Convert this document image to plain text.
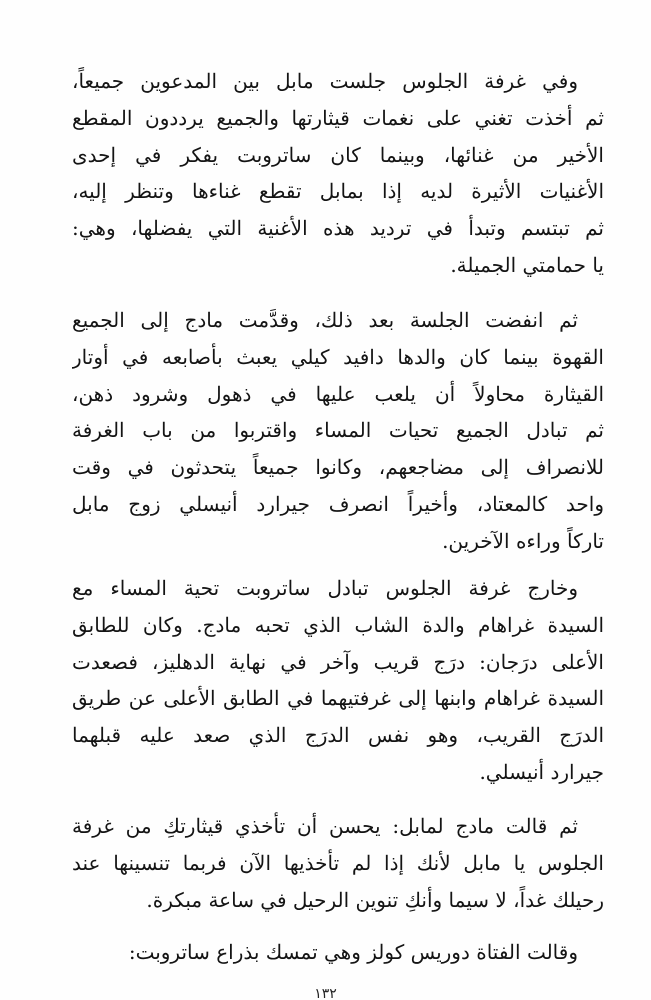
وفي غرفة الجلوس جلست مابل بين المدعوين جميعاً،
ثم أخذت تغني على نغمات قيثارتها والجميع يرددون المقطع
الأخير من غنائها، وبينما كان ساتروبت يفكر في إحدى
الأغنيات الأثيرة لديه إذا بمابل تقطع غناءها وتنظر إليه،
ثم تبتسم وتبدأ في ترديد هذه الأغنية التي يفضلها، وهي:
يا حمامتي الجميلة.
ثم انفضت الجلسة بعد ذلك، وقدَّمت مادج إلى الجميع
القهوة بينما كان والدها دافيد كيلي يعبث بأصابعه في أوتار
القيثارة محاولاً أن يلعب عليها في ذهول وشرود ذهن،
ثم تبادل الجميع تحيات المساء واقتربوا من باب الغرفة
للانصراف إلى مضاجعهم، وكانوا جميعاً يتحدثون في وقت
واحد كالمعتاد، وأخيراً انصرف جيرارد أنيسلي زوج مابل
تاركاً وراءه الآخرين.
وخارج غرفة الجلوس تبادل ساتروبت تحية المساء مع
السيدة غراهام والدة الشاب الذي تحبه مادج. وكان للطابق
الأعلى درَجان: درَج قريب وآخر في نهاية الدهليز، فصعدت
السيدة غراهام وابنها إلى غرفتيهما في الطابق الأعلى عن طريق
الدرَج القريب، وهو نفس الدرَج الذي صعد عليه قبلهما
جيرارد أنيسلي.
ثم قالت مادج لمابل: يحسن أن تأخذي قيثارتكِ من غرفة
الجلوس يا مابل لأنك إذا لم تأخذيها الآن فربما تنسينها عند
رحيلك غداً، لا سيما وأنكِ تنوين الرحيل في ساعة مبكرة.
وقالت الفتاة دوريس كولز وهي تمسك بذراع ساتروبت:
١٣٢
